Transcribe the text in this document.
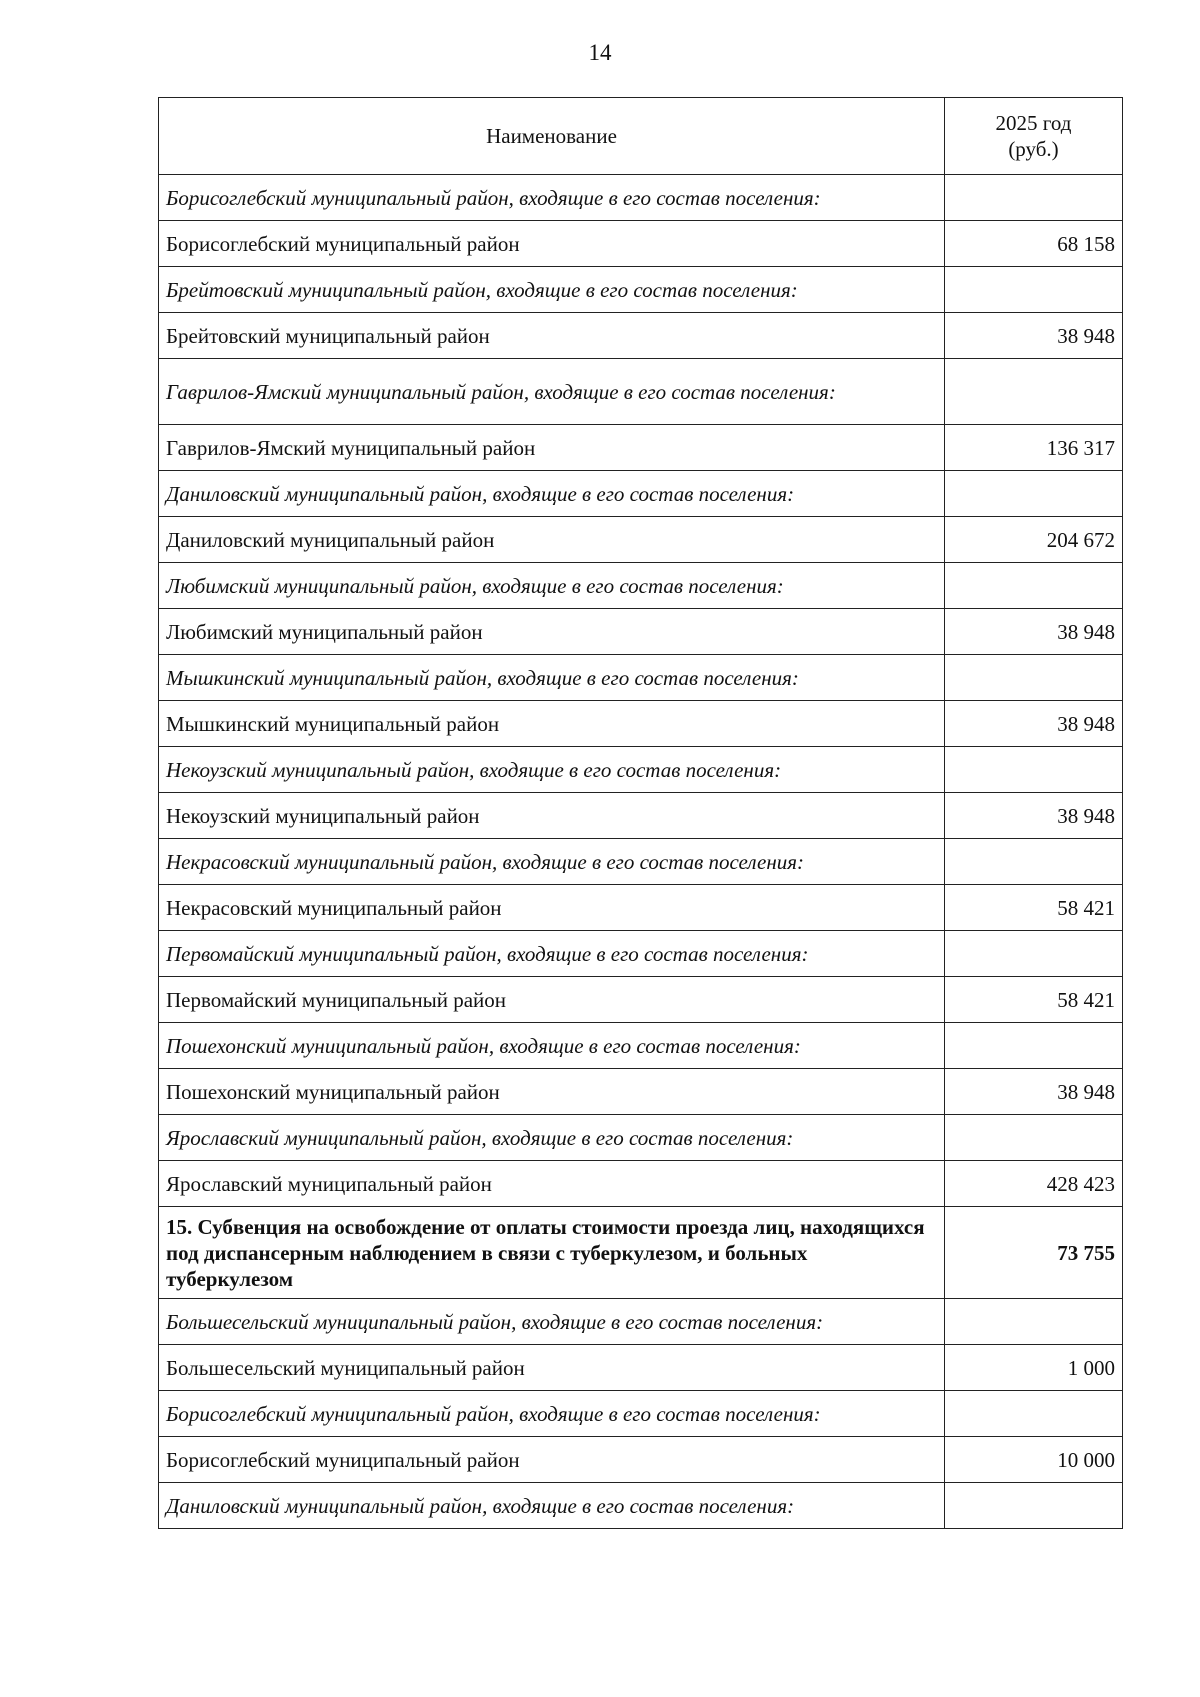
14
Наименование	2025 год
(руб.)
Борисоглебский муниципальный район, входящие в его состав поселения:	
Борисоглебский муниципальный район	68 158
Брейтовский муниципальный район, входящие в его состав поселения:	
Брейтовский муниципальный район	38 948
Гаврилов-Ямский муниципальный район, входящие в его состав поселения:	
Гаврилов-Ямский муниципальный район	136 317
Даниловский муниципальный район, входящие в его состав поселения:	
Даниловский муниципальный район	204 672
Любимский муниципальный район, входящие в его состав поселения:	
Любимский муниципальный район	38 948
Мышкинский муниципальный район, входящие в его состав поселения:	
Мышкинский муниципальный район	38 948
Некоузский муниципальный район, входящие в его состав поселения:	
Некоузский муниципальный район	38 948
Некрасовский муниципальный район, входящие в его состав поселения:	
Некрасовский муниципальный район	58 421
Первомайский муниципальный район, входящие в его состав поселения:	
Первомайский муниципальный район	58 421
Пошехонский муниципальный район, входящие в его состав поселения:	
Пошехонский муниципальный район	38 948
Ярославский муниципальный район, входящие в его состав поселения:	
Ярославский муниципальный район	428 423
15. Субвенция на освобождение от оплаты стоимости проезда лиц, находящихся под диспансерным наблюдением в связи с туберкулезом, и больных туберкулезом	73 755
Большесельский муниципальный район, входящие в его состав поселения:	
Большесельский муниципальный район	1 000
Борисоглебский муниципальный район, входящие в его состав поселения:	
Борисоглебский муниципальный район	10 000
Даниловский муниципальный район, входящие в его состав поселения:	
